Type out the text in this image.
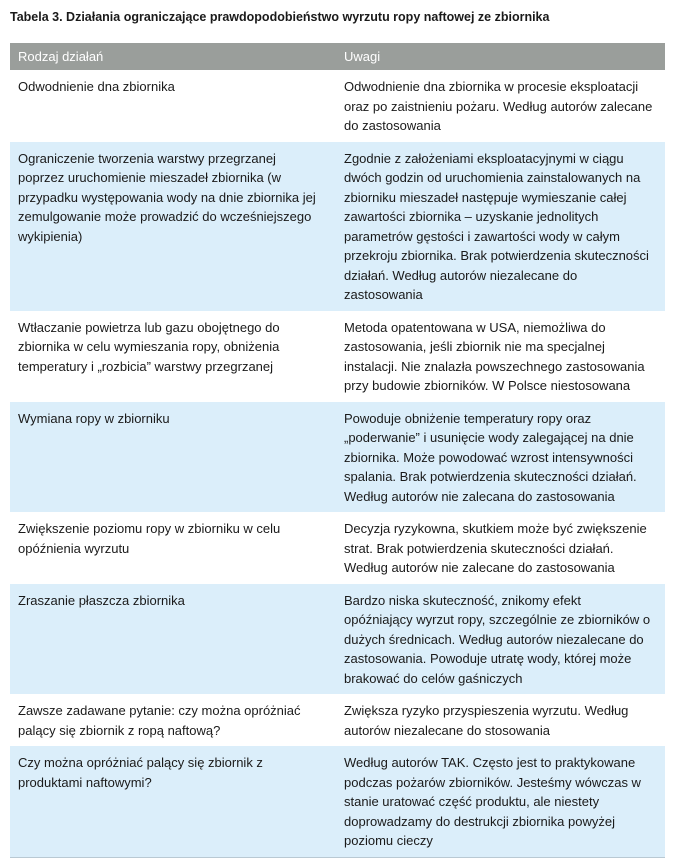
Tabela 3. Działania ograniczające prawdopodobieństwo wyrzutu ropy naftowej ze zbiornika
Rodzaj działań	Uwagi
Odwodnienie dna zbiornika	Odwodnienie dna zbiornika w procesie eksploatacji oraz po zaistnieniu pożaru. Według autorów zalecane do zastosowania
Ograniczenie tworzenia warstwy przegrzanej poprzez uruchomienie mieszadeł zbiornika (w przypadku występowania wody na dnie zbiornika jej zemulgowanie może prowadzić do wcześniejszego wykipienia)	Zgodnie z założeniami eksploatacyjnymi w ciągu dwóch godzin od uruchomienia zainstalowanych na zbiorniku mieszadeł następuje wymieszanie całej zawartości zbiornika – uzyskanie jednolitych parametrów gęstości i zawartości wody w całym przekroju zbiornika. Brak potwierdzenia skuteczności działań. Według autorów niezalecane do zastosowania
Wtłaczanie powietrza lub gazu obojętnego do zbiornika w celu wymieszania ropy, obniżenia temperatury i „rozbicia” warstwy przegrzanej	Metoda opatentowana w USA, niemożliwa do zastosowania, jeśli zbiornik nie ma specjalnej instalacji. Nie znalazła powszechnego zastosowania przy budowie zbiorników. W Polsce niestosowana
Wymiana ropy w zbiorniku	Powoduje obniżenie temperatury ropy oraz „poderwanie” i usunięcie wody zalegającej na dnie zbiornika. Może powodować wzrost intensywności spalania. Brak potwierdzenia skuteczności działań. Według autorów nie zalecana do zastosowania
Zwiększenie poziomu ropy w zbiorniku w celu opóźnienia wyrzutu	Decyzja ryzykowna, skutkiem może być zwiększenie strat. Brak potwierdzenia skuteczności działań. Według autorów nie zalecane do zastosowania
Zraszanie płaszcza zbiornika	Bardzo niska skuteczność, znikomy efekt opóźniający wyrzut ropy, szczególnie ze zbiorników o dużych średnicach. Według autorów niezalecane do zastosowania. Powoduje utratę wody, której może brakować do celów gaśniczych
Zawsze zadawane pytanie: czy można opróżniać palący się zbiornik z ropą naftową?	Zwiększa ryzyko przyspieszenia wyrzutu. Według autorów niezalecane do stosowania
Czy można opróżniać palący się zbiornik z produktami naftowymi?	Według autorów TAK. Często jest to praktykowane podczas pożarów zbiorników. Jesteśmy wówczas w stanie uratować część produktu, ale niestety doprowadzamy do destrukcji zbiornika powyżej poziomu cieczy
